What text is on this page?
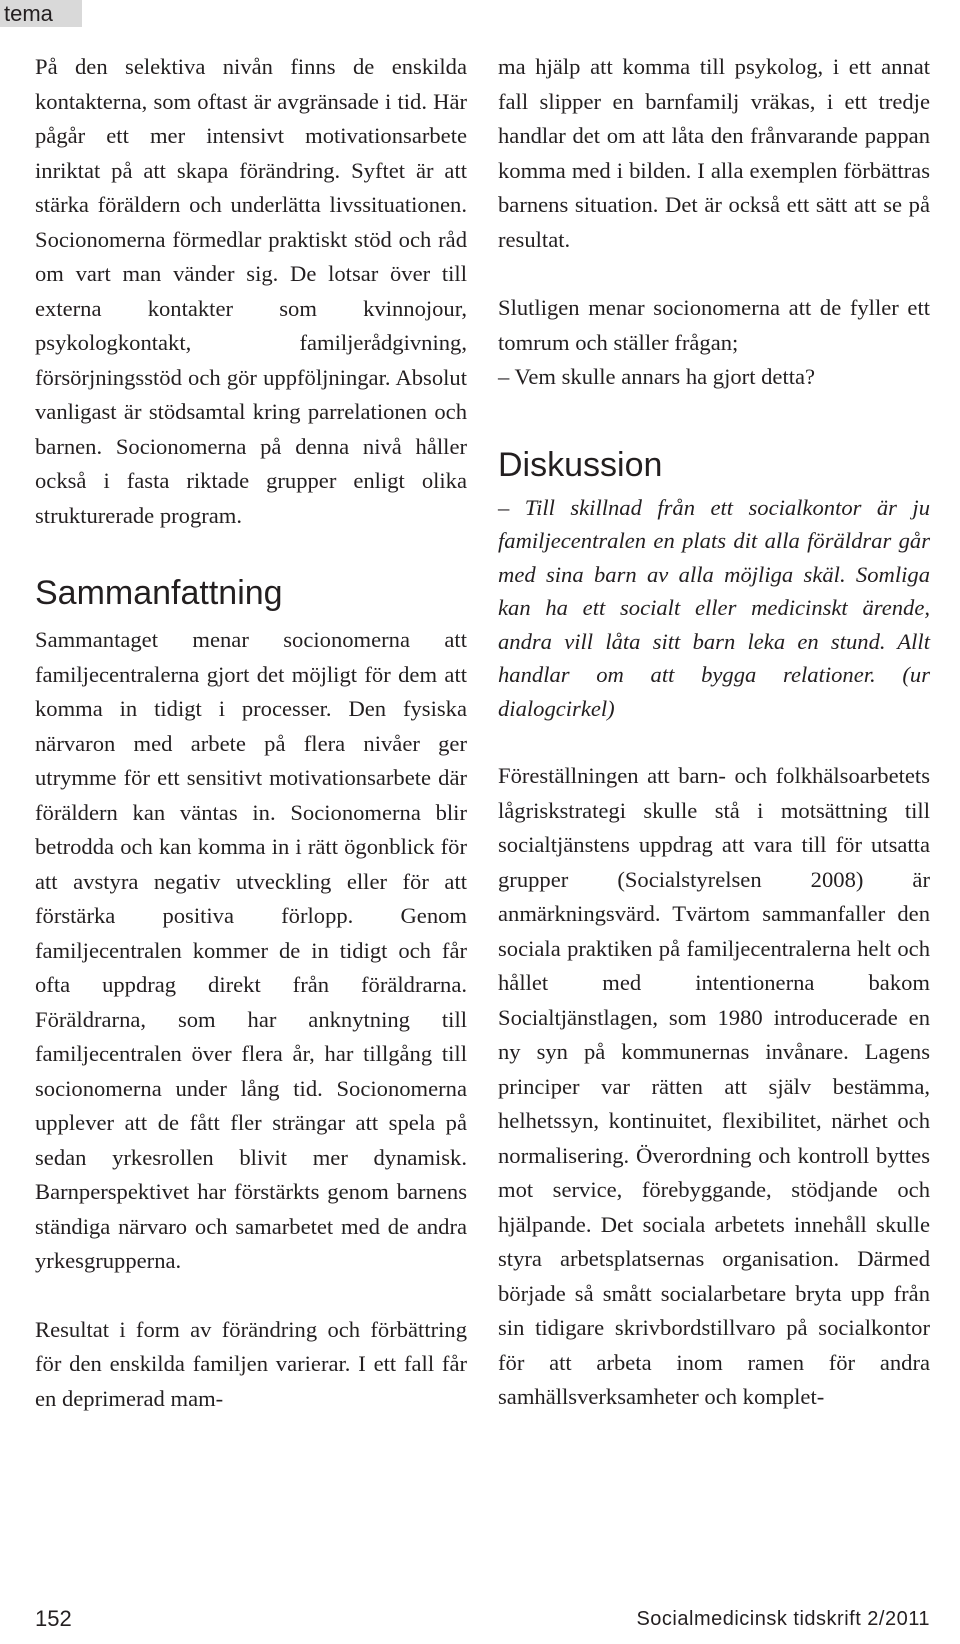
tema

På den selektiva nivån finns de enskilda kontakterna, som oftast är avgränsade i tid. Här pågår ett mer intensivt motivationsarbete inriktat på att skapa förändring. Syftet är att stärka föräldern och underlätta livssituationen. Socionomerna förmedlar praktiskt stöd och råd om vart man vänder sig. De lotsar över till externa kontakter som kvinnojour, psykologkontakt, familjerådgivning, försörjningsstöd och gör uppföljningar. Absolut vanligast är stödsamtal kring parrelationen och barnen. Socionomerna på denna nivå håller också i fasta riktade grupper enligt olika strukturerade program.

Sammanfattning

Sammantaget menar socionomerna att familjecentralerna gjort det möjligt för dem att komma in tidigt i processer. Den fysiska närvaron med arbete på flera nivåer ger utrymme för ett sensitivt motivationsarbete där föräldern kan väntas in. Socionomerna blir betrodda och kan komma in i rätt ögonblick för att avstyra negativ utveckling eller för att förstärka positiva förlopp. Genom familjecentralen kommer de in tidigt och får ofta uppdrag direkt från föräldrarna. Föräldrarna, som har anknytning till familjecentralen över flera år, har tillgång till socionomerna under lång tid. Socionomerna upplever att de fått fler strängar att spela på sedan yrkesrollen blivit mer dynamisk. Barnperspektivet har förstärkts genom barnens ständiga närvaro och samarbetet med de andra yrkesgrupperna.

Resultat i form av förändring och förbättring för den enskilda familjen varierar. I ett fall får en deprimerad mam-

ma hjälp att komma till psykolog, i ett annat fall slipper en barnfamilj vräkas, i ett tredje handlar det om att låta den frånvarande pappan komma med i bilden. I alla exemplen förbättras barnens situation. Det är också ett sätt att se på resultat.

Slutligen menar socionomerna att de fyller ett tomrum och ställer frågan;
– Vem skulle annars ha gjort detta?

Diskussion

– Till skillnad från ett socialkontor är ju familjecentralen en plats dit alla föräldrar går med sina barn av alla möjliga skäl. Somliga kan ha ett socialt eller medicinskt ärende, andra vill låta sitt barn leka en stund. Allt handlar om att bygga relationer. (ur dialogcirkel)

Föreställningen att barn- och folkhälsoarbetets lågriskstrategi skulle stå i motsättning till socialtjänstens uppdrag att vara till för utsatta grupper (Socialstyrelsen 2008) är anmärkningsvärd. Tvärtom sammanfaller den sociala praktiken på familjecentralerna helt och hållet med intentionerna bakom Socialtjänstlagen, som 1980 introducerade en ny syn på kommunernas invånare. Lagens principer var rätten att själv bestämma, helhetssyn, kontinuitet, flexibilitet, närhet och normalisering. Överordning och kontroll byttes mot service, förebyggande, stödjande och hjälpande. Det sociala arbetets innehåll skulle styra arbetsplatsernas organisation. Därmed började så smått socialarbetare bryta upp från sin tidigare skrivbordstillvaro på socialkontor för att arbeta inom ramen för andra samhällsverksamheter och komplet-

152	Socialmedicinsk tidskrift 2/2011
